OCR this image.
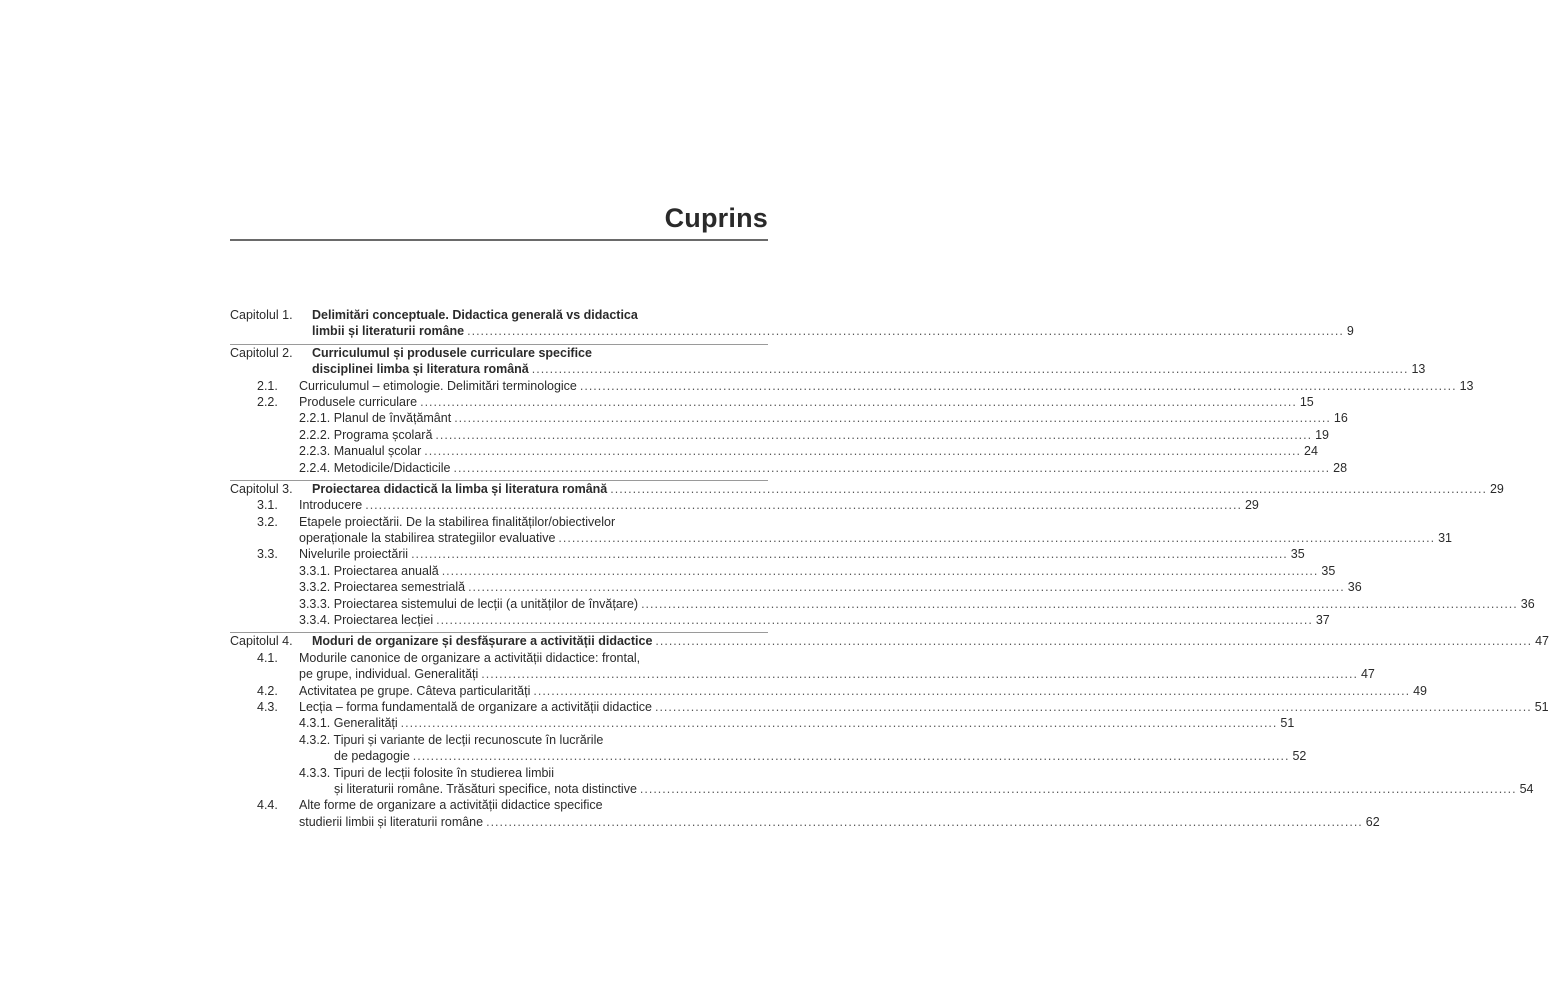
Cuprins
Capitolul 1.	Delimitări conceptuale. Didactica generală vs didactica
limbii și literaturii române .....	9
Capitolul 2.	Curriculumul și produsele curriculare specifice
disciplinei limba și literatura română .....	13
2.1.	Curriculumul – etimologie. Delimitări terminologice .....	13
2.2.	Produsele curriculare .....	15
2.2.1. Planul de învățământ .....	16
2.2.2. Programa școlară .....	19
2.2.3. Manualul școlar .....	24
2.2.4. Metodicile/Didacticile .....	28
Capitolul 3.	Proiectarea didactică la limba și literatura română .....	29
3.1.	Introducere .....	29
3.2.	Etapele proiectării. De la stabilirea finalităților/obiectivelor
operaționale la stabilirea strategiilor evaluative .....	31
3.3.	Nivelurile proiectării .....	35
3.3.1. Proiectarea anuală .....	35
3.3.2. Proiectarea semestrială .....	36
3.3.3. Proiectarea sistemului de lecții (a unităților de învățare) .....	36
3.3.4. Proiectarea lecției .....	37
Capitolul 4.	Moduri de organizare și desfășurare a activității didactice .....	47
4.1.	Modurile canonice de organizare a activității didactice: frontal,
pe grupe, individual. Generalități .....	47
4.2.	Activitatea pe grupe. Câteva particularități .....	49
4.3.	Lecția – forma fundamentală de organizare a activității didactice .....	51
4.3.1. Generalități .....	51
4.3.2. Tipuri și variante de lecții recunoscute în lucrările
de pedagogie .....	52
4.3.3. Tipuri de lecții folosite în studierea limbii
și literaturii române. Trăsături specifice, nota distinctive .....	54
4.4.	Alte forme de organizare a activității didactice specifice
studierii limbii și literaturii române .....	62
